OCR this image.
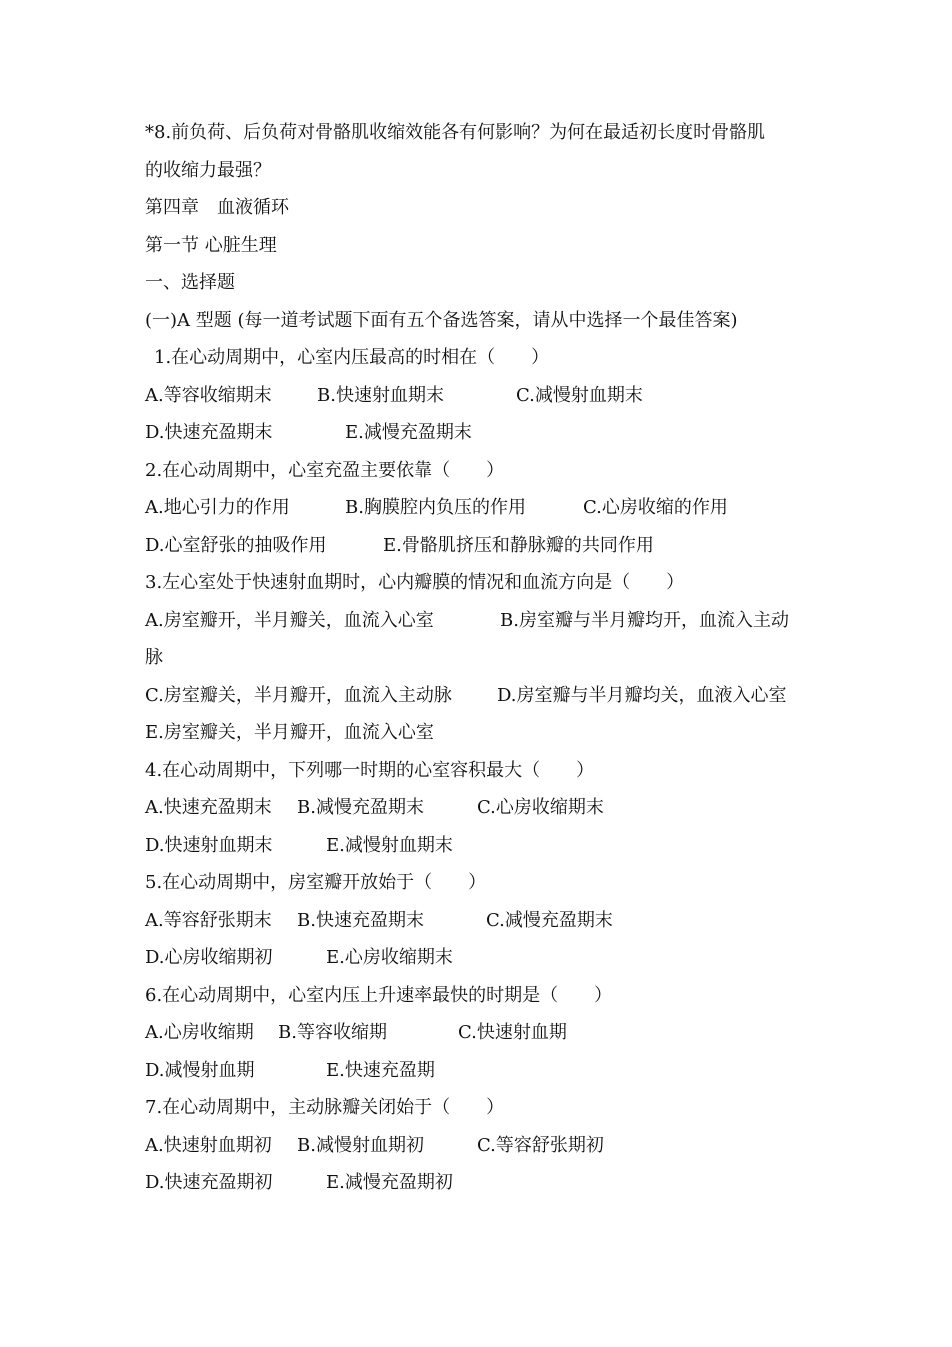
*8.前负荷、后负荷对骨骼肌收缩效能各有何影响？为何在最适初长度时骨骼肌

的收缩力最强？

第四章　血液循环

第一节 心脏生理

一、选择题

(一)A 型题 (每一道考试题下面有五个备选答案，请从中选择一个最佳答案)

1.在心动周期中，心室内压最高的时相在（　　）

A.等容收缩期末	B.快速射血期末	C.减慢射血期末

D.快速充盈期末	E.减慢充盈期末

2.在心动周期中，心室充盈主要依靠（　　）

A.地心引力的作用	B.胸膜腔内负压的作用	C.心房收缩的作用

D.心室舒张的抽吸作用	E.骨骼肌挤压和静脉瓣的共同作用

3.左心室处于快速射血期时，心内瓣膜的情况和血流方向是（　　）

A.房室瓣开，半月瓣关，血流入心室	B.房室瓣与半月瓣均开，血流入主动

脉

C.房室瓣关，半月瓣开，血流入主动脉	D.房室瓣与半月瓣均关，血液入心室

E.房室瓣关，半月瓣开，血流入心室

4.在心动周期中，下列哪一时期的心室容积最大（　　）

A.快速充盈期末 B.减慢充盈期末	C.心房收缩期末

D.快速射血期末	E.减慢射血期末

5.在心动周期中，房室瓣开放始于（　　）

A.等容舒张期末 B.快速充盈期末	C.减慢充盈期末

D.心房收缩期初	E.心房收缩期末

6.在心动周期中，心室内压上升速率最快的时期是（　　）

A.心房收缩期 B.等容收缩期	C.快速射血期

D.减慢射血期	E.快速充盈期

7.在心动周期中，主动脉瓣关闭始于（　　）

A.快速射血期初 B.减慢射血期初	C.等容舒张期初

D.快速充盈期初	E.减慢充盈期初
